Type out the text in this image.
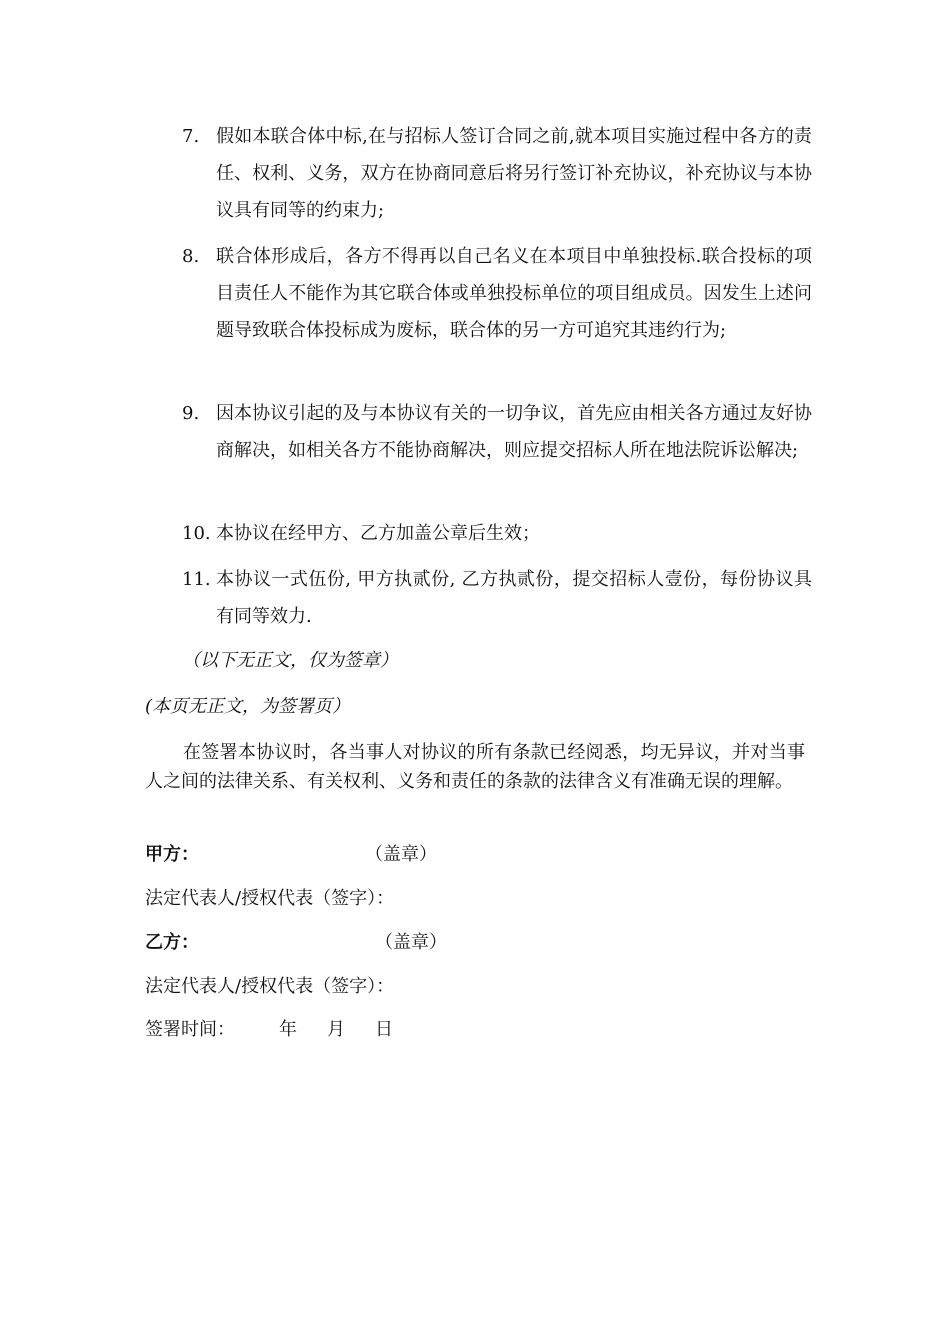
7. 假如本联合体中标,在与招标人签订合同之前,就本项目实施过程中各方的责任、权利、义务，双方在协商同意后将另行签订补充协议，补充协议与本协议具有同等的约束力;
8. 联合体形成后，各方不得再以自己名义在本项目中单独投标.联合投标的项目责任人不能作为其它联合体或单独投标单位的项目组成员。因发生上述问题导致联合体投标成为废标，联合体的另一方可追究其违约行为;
9. 因本协议引起的及与本协议有关的一切争议，首先应由相关各方通过友好协商解决，如相关各方不能协商解决，则应提交招标人所在地法院诉讼解决;
10. 本协议在经甲方、乙方加盖公章后生效；
11. 本协议一式伍份, 甲方执贰份, 乙方执贰份，提交招标人壹份，每份协议具有同等效力.
（以下无正文，仅为签章）
(本页无正文，为签署页）
在签署本协议时，各当事人对协议的所有条款已经阅悉，均无异议，并对当事人之间的法律关系、有关权利、义务和责任的条款的法律含义有准确无误的理解。
甲方：	（盖章）
法定代表人/授权代表（签字）：
乙方：	（盖章）
法定代表人/授权代表（签字）：
签署时间： 年 月 日
